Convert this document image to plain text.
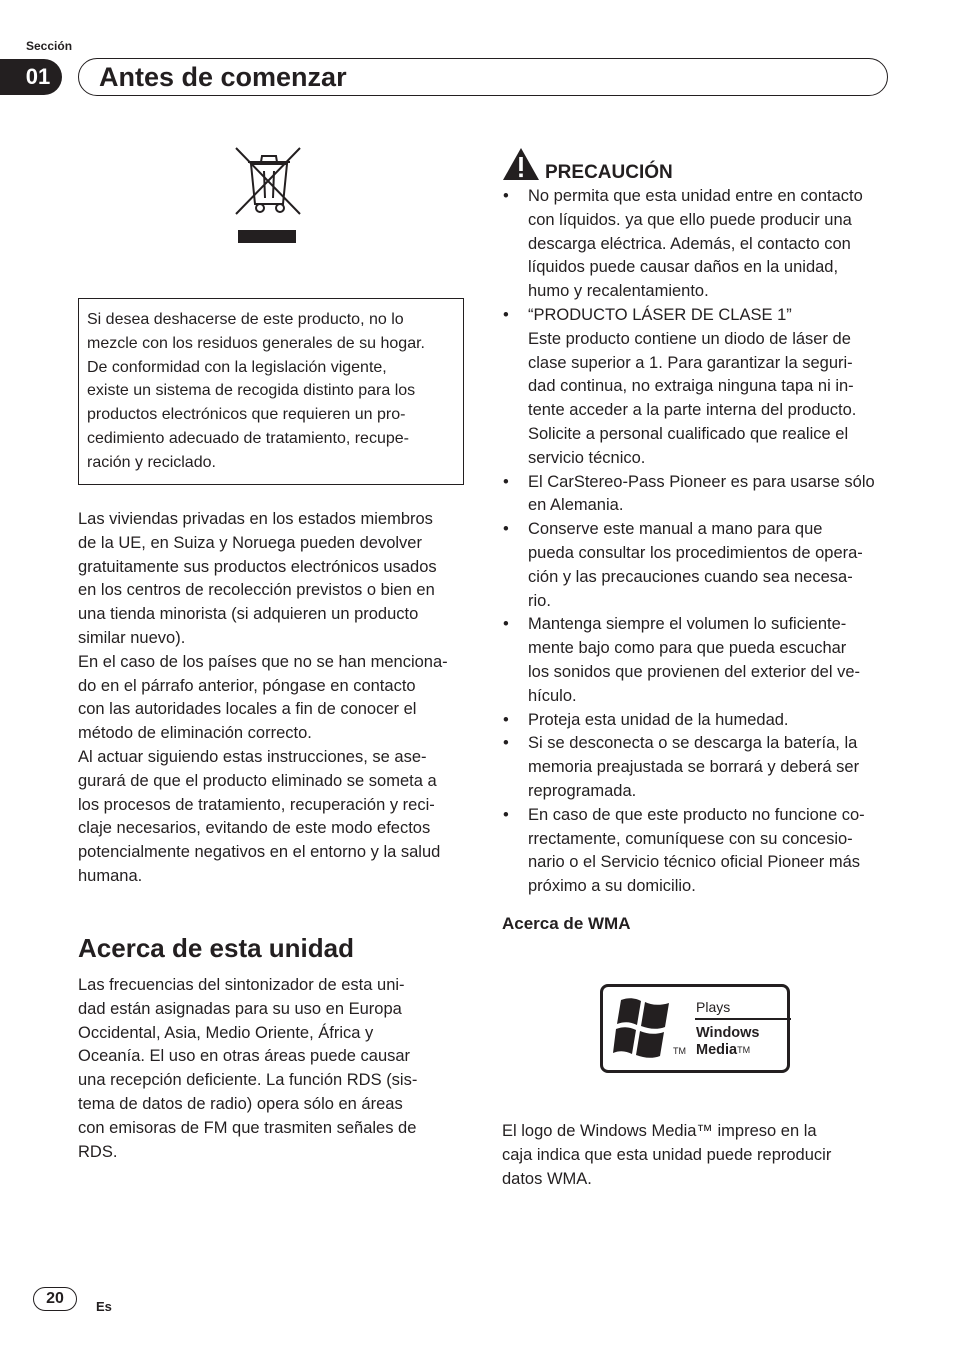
Sección
01	Antes de comenzar
Si desea deshacerse de este producto, no lo
mezcle con los residuos generales de su hogar.
De conformidad con la legislación vigente,
existe un sistema de recogida distinto para los
productos electrónicos que requieren un pro-
cedimiento adecuado de tratamiento, recupe-
ración y reciclado.
Las viviendas privadas en los estados miembros
de la UE, en Suiza y Noruega pueden devolver
gratuitamente sus productos electrónicos usados
en los centros de recolección previstos o bien en
una tienda minorista (si adquieren un producto
similar nuevo).
En el caso de los países que no se han menciona-
do en el párrafo anterior, póngase en contacto
con las autoridades locales a fin de conocer el
método de eliminación correcto.
Al actuar siguiendo estas instrucciones, se ase-
gurará de que el producto eliminado se someta a
los procesos de tratamiento, recuperación y reci-
claje necesarios, evitando de este modo efectos
potencialmente negativos en el entorno y la salud
humana.
Acerca de esta unidad
Las frecuencias del sintonizador de esta uni-
dad están asignadas para su uso en Europa
Occidental, Asia, Medio Oriente, África y
Oceanía. El uso en otras áreas puede causar
una recepción deficiente. La función RDS (sis-
tema de datos de radio) opera sólo en áreas
con emisoras de FM que trasmiten señales de
RDS.
PRECAUCIÓN
• No permita que esta unidad entre en contacto
con líquidos. ya que ello puede producir una
descarga eléctrica. Además, el contacto con
líquidos puede causar daños en la unidad,
humo y recalentamiento.
• “PRODUCTO LÁSER DE CLASE 1”
Este producto contiene un diodo de láser de
clase superior a 1. Para garantizar la seguri-
dad continua, no extraiga ninguna tapa ni in-
tente acceder a la parte interna del producto.
Solicite a personal cualificado que realice el
servicio técnico.
• El CarStereo-Pass Pioneer es para usarse sólo
en Alemania.
• Conserve este manual a mano para que
pueda consultar los procedimientos de opera-
ción y las precauciones cuando sea necesa-
rio.
• Mantenga siempre el volumen lo suficiente-
mente bajo como para que pueda escuchar
los sonidos que provienen del exterior del ve-
hículo.
• Proteja esta unidad de la humedad.
• Si se desconecta o se descarga la batería, la
memoria preajustada se borrará y deberá ser
reprogramada.
• En caso de que este producto no funcione co-
rrectamente, comuníquese con su concesio-
nario o el Servicio técnico oficial Pioneer más
próximo a su domicilio.
Acerca de WMA
Plays
Windows
Media™
TM
El logo de Windows Media™ impreso en la
caja indica que esta unidad puede reproducir
datos WMA.
20	Es
